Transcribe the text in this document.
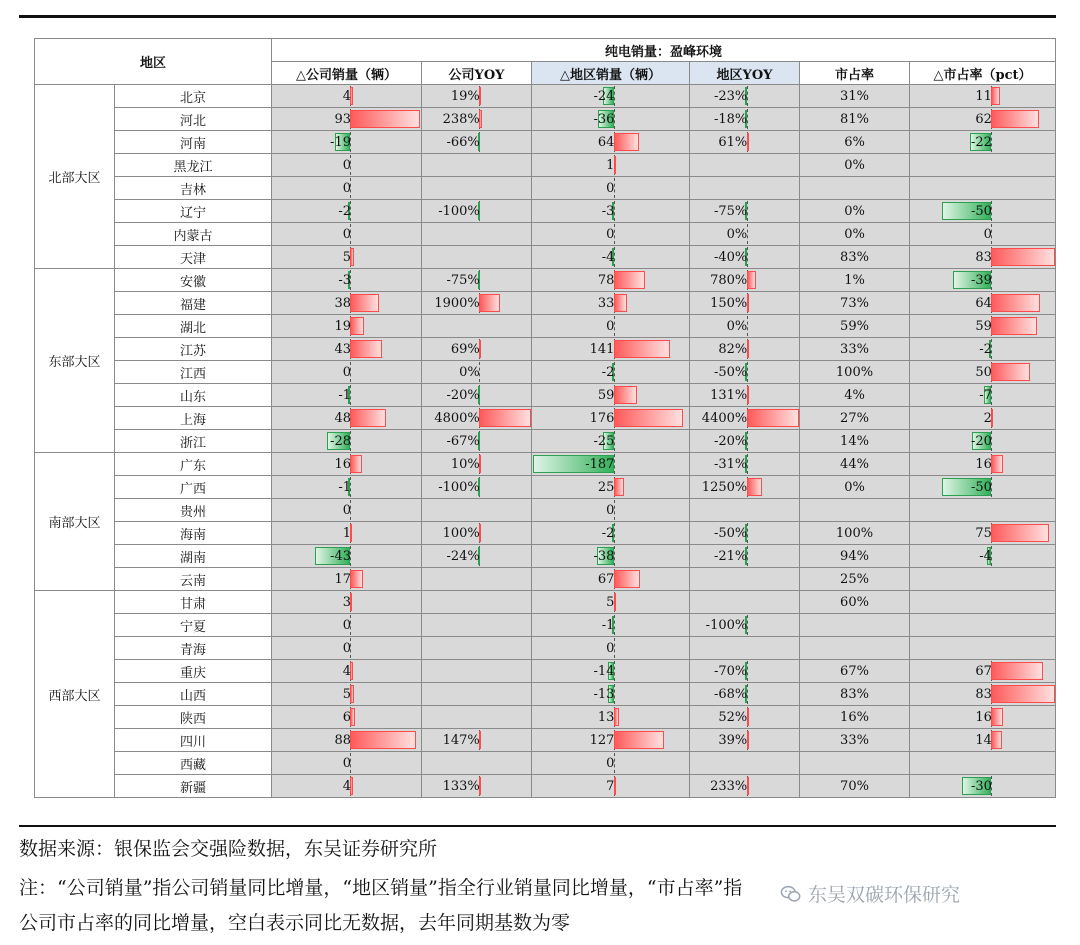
地区		纯电销量：盈峰环境					
		△公司销量（辆）	公司YOY	△地区销量（辆）	地区YOY	市占率	△市占率（pct）
北部大区	北京	4	19%	-24	-23%	31%	11

	河北	93	238%	-36	-18%	81%	62

	河南	-19	-66%	64	61%	6%	-22

	黑龙江	0		1		0%	

	吉林	0		0			

	辽宁	-2	-100%	-3	-75%	0%	-50

	内蒙古	0		0	0%	0%	0

	天津	5		-4	-40%	83%	83

东部大区	安徽	-3	-75%	78	780%	1%	-39

	福建	38	1900%	33	150%	73%	64

	湖北	19		0	0%	59%	59

	江苏	43	69%	141	82%	33%	-2

	江西	0	0%	-2	-50%	100%	50

	山东	-1	-20%	59	131%	4%	-7

	上海	48	4800%	176	4400%	27%	2

	浙江	-28	-67%	-25	-20%	14%	-20

南部大区	广东	16	10%	-187	-31%	44%	16

	广西	-1	-100%	25	1250%	0%	-50

	贵州	0		0			

	海南	1	100%	-2	-50%	100%	75

	湖南	-43	-24%	-38	-21%	94%	-4

	云南	17		67		25%	

西部大区	甘肃	3		5		60%	

	宁夏	0		-1	-100%		

	青海	0		0			

	重庆	4		-14	-70%	67%	67

	山西	5		-13	-68%	83%	83

	陕西	6		13	52%	16%	16

	四川	88	147%	127	39%	33%	14

	西藏	0		0			

	新疆	4	133%	7	233%	70%	-30
数据来源：银保监会交强险数据，东吴证券研究所
注：“公司销量”指公司销量同比增量，“地区销量”指全行业销量同比增量，“市占率”指
公司市占率的同比增量，空白表示同比无数据，去年同期基数为零
东吴双碳环保研究
